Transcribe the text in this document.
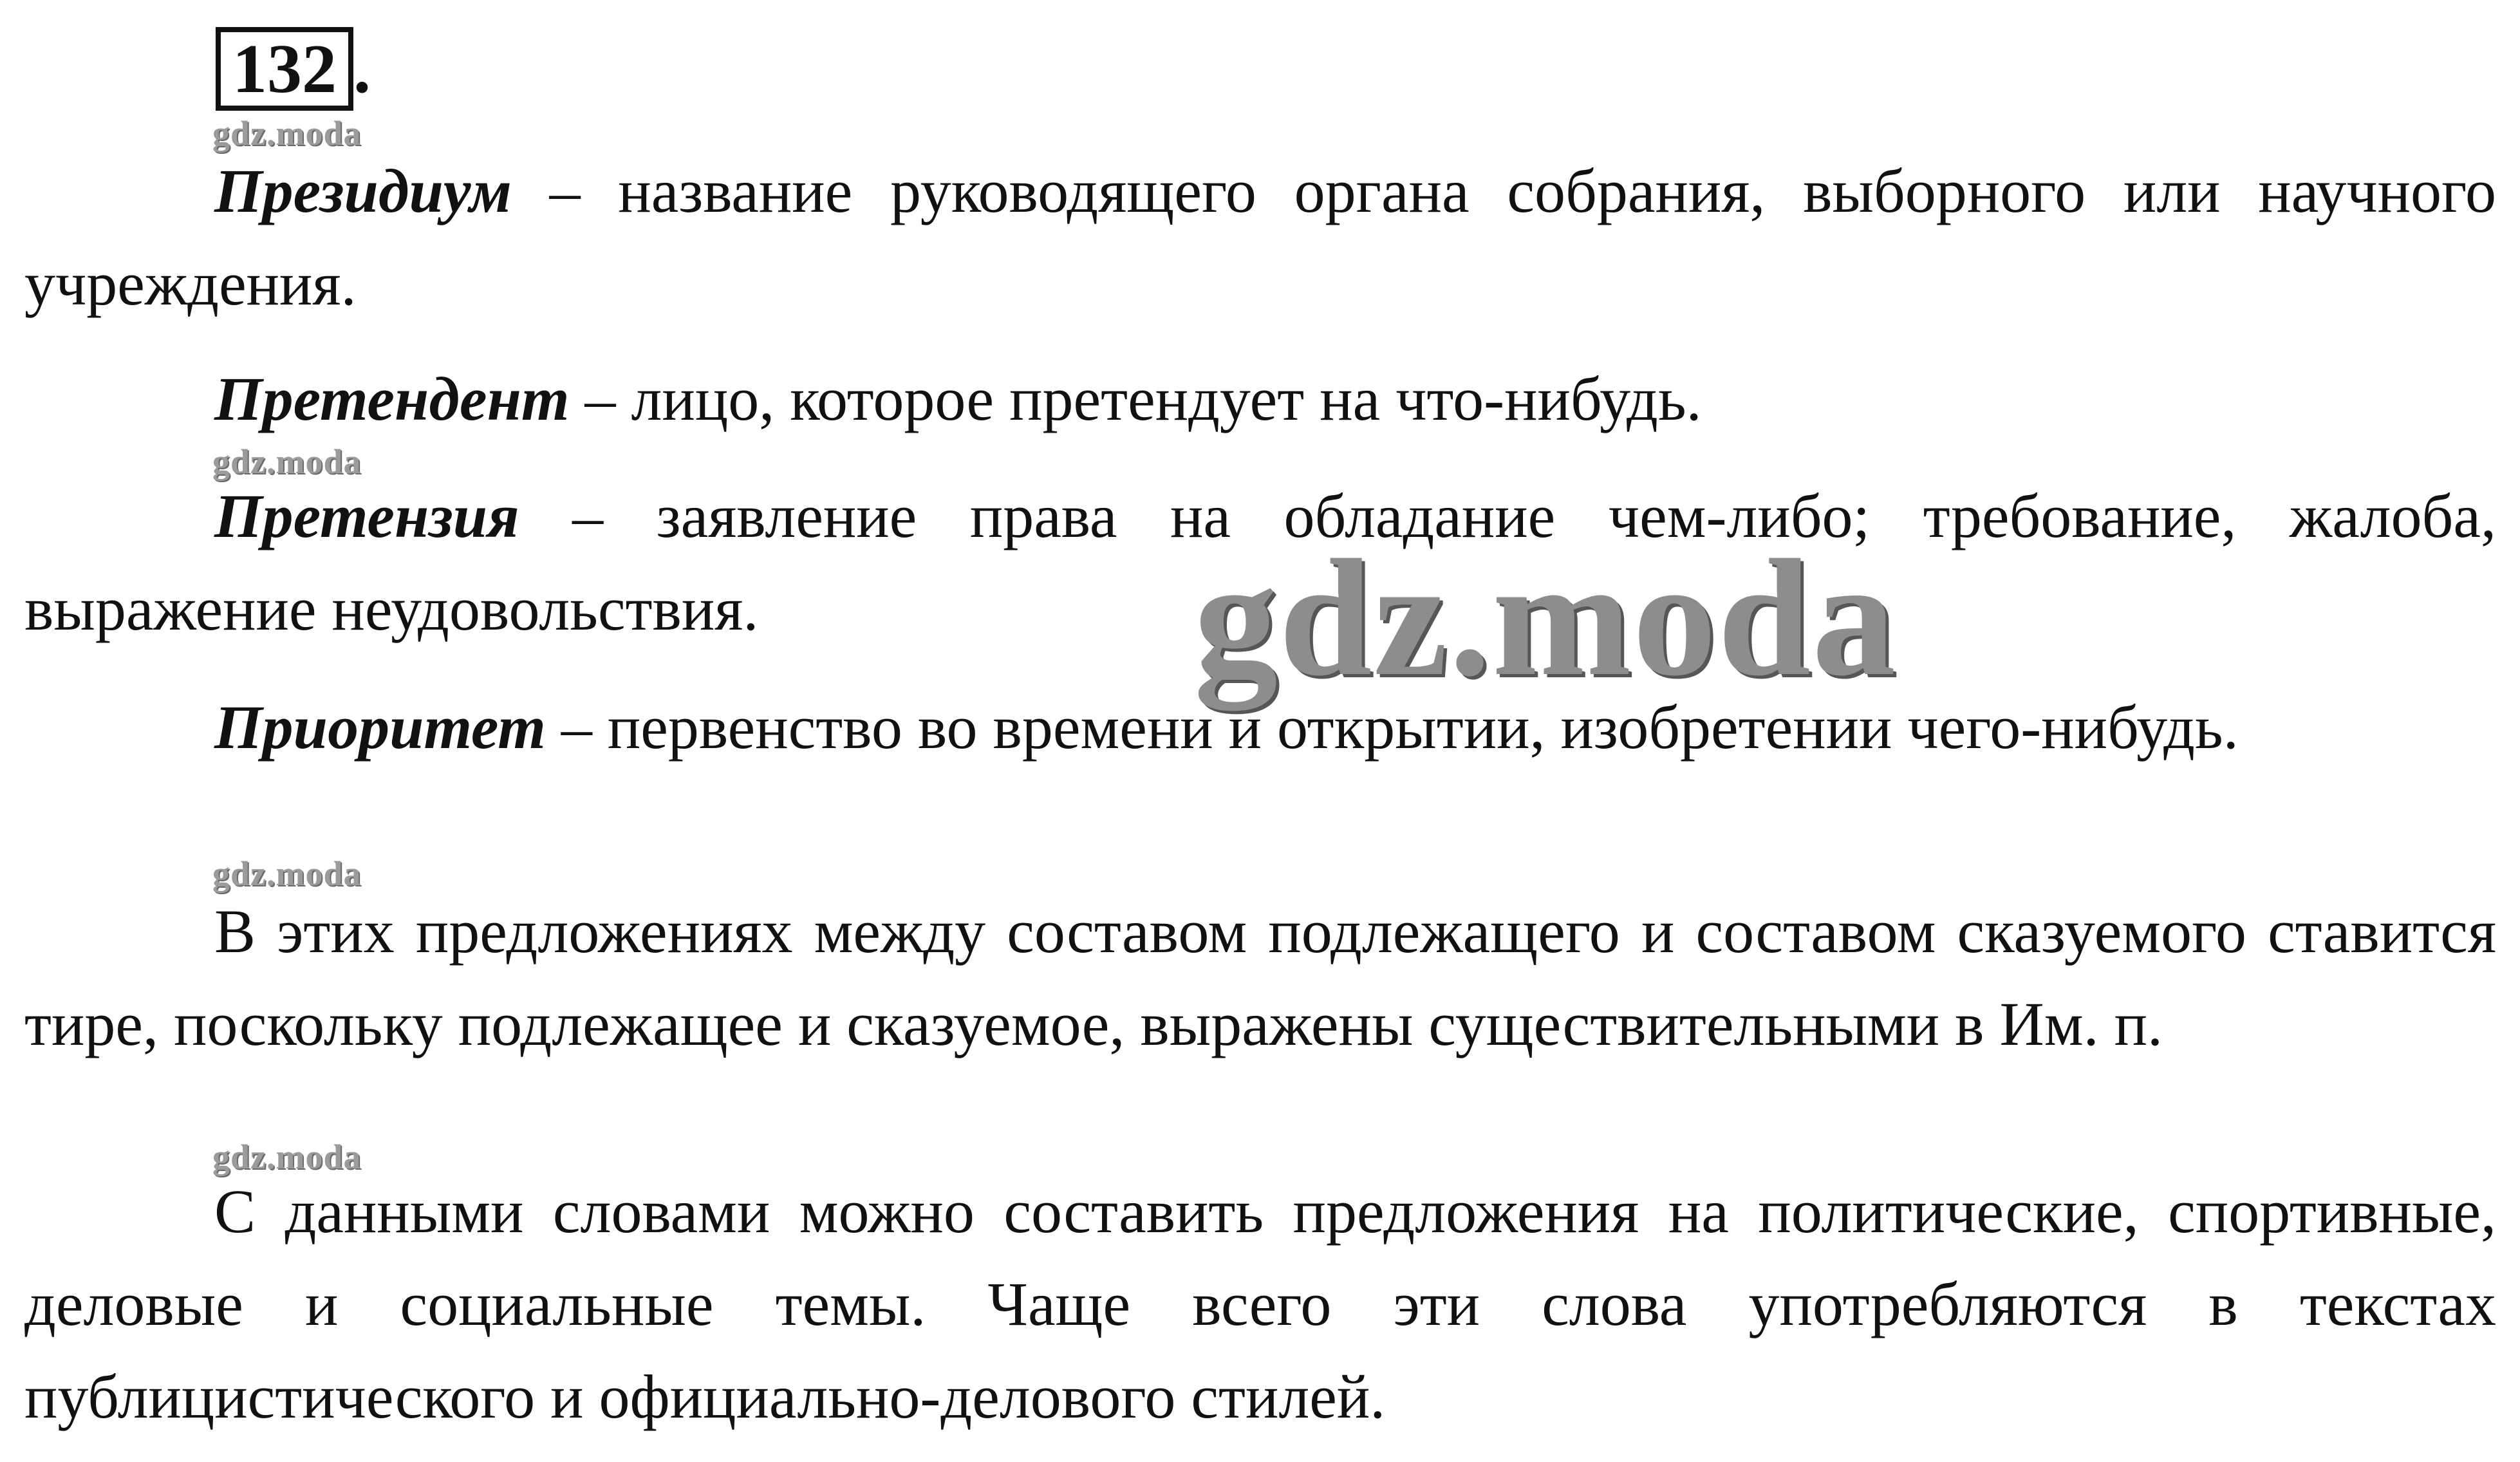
132 .
gdz.moda
gdz.moda
gdz.moda
gdz.moda

Президиум – название руководящего органа собрания, выборного или научного учреждения.

Претендент – лицо, которое претендует на что-нибудь.

Претензия – заявление права на обладание чем-либо; требование, жалоба, выражение неудовольствия.

Приоритет – первенство во времени и открытии, изобретении чего-нибудь.

В этих предложениях между составом подлежащего и составом сказуемого ставится тире, поскольку подлежащее и сказуемое, выражены существительными в Им. п.

С данными словами можно составить предложения на политические, спортивные, деловые и социальные темы. Чаще всего эти слова употребляются в текстах публицистического и официально-делового стилей.

gdz.moda
